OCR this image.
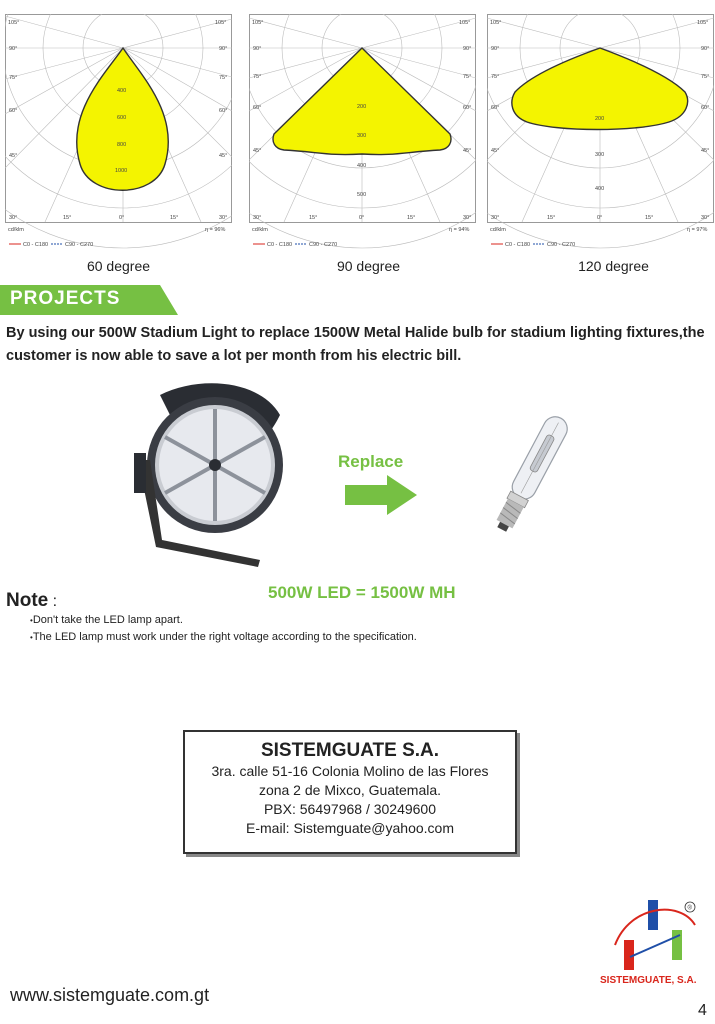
105°	105°
90°	90°
75°	75°
60°	60°
45°	45°
30°	30°
15°	15°
0°
400
600
800
1000
cd/klm	η = 96%
C0 - C180	C90 - C270
60 degree
105°	105°
90°	90°
75°	75°
60°	60°
45°	45°
30°	30°
15°	15°
0°
200
300
400
500
cd/klm	η = 94%
C0 - C180	C90 - C270
90 degree
105°	105°
90°	90°
75°	75°
60°	60°
45°	45°
30°	30°
15°	15°
0°
200
300
400
cd/klm	η = 97%
C0 - C180	C90 - C270
120 degree
PROJECTS
By using our 500W Stadium Light to replace 1500W Metal Halide bulb for stadium lighting fixtures,the customer is now able to save a lot per month from his electric bill.
Replace
500W LED = 1500W MH
Note :
• Don't take the LED lamp apart.
• The LED lamp must work under the right voltage according to the specification.
SISTEMGUATE S.A.
3ra. calle 51-16 Colonia Molino de las Flores
zona 2 de Mixco, Guatemala.
PBX: 56497968 / 30249600
E-mail: Sistemguate@yahoo.com
®
SISTEMGUATE, S.A.
www.sistemguate.com.gt
4
